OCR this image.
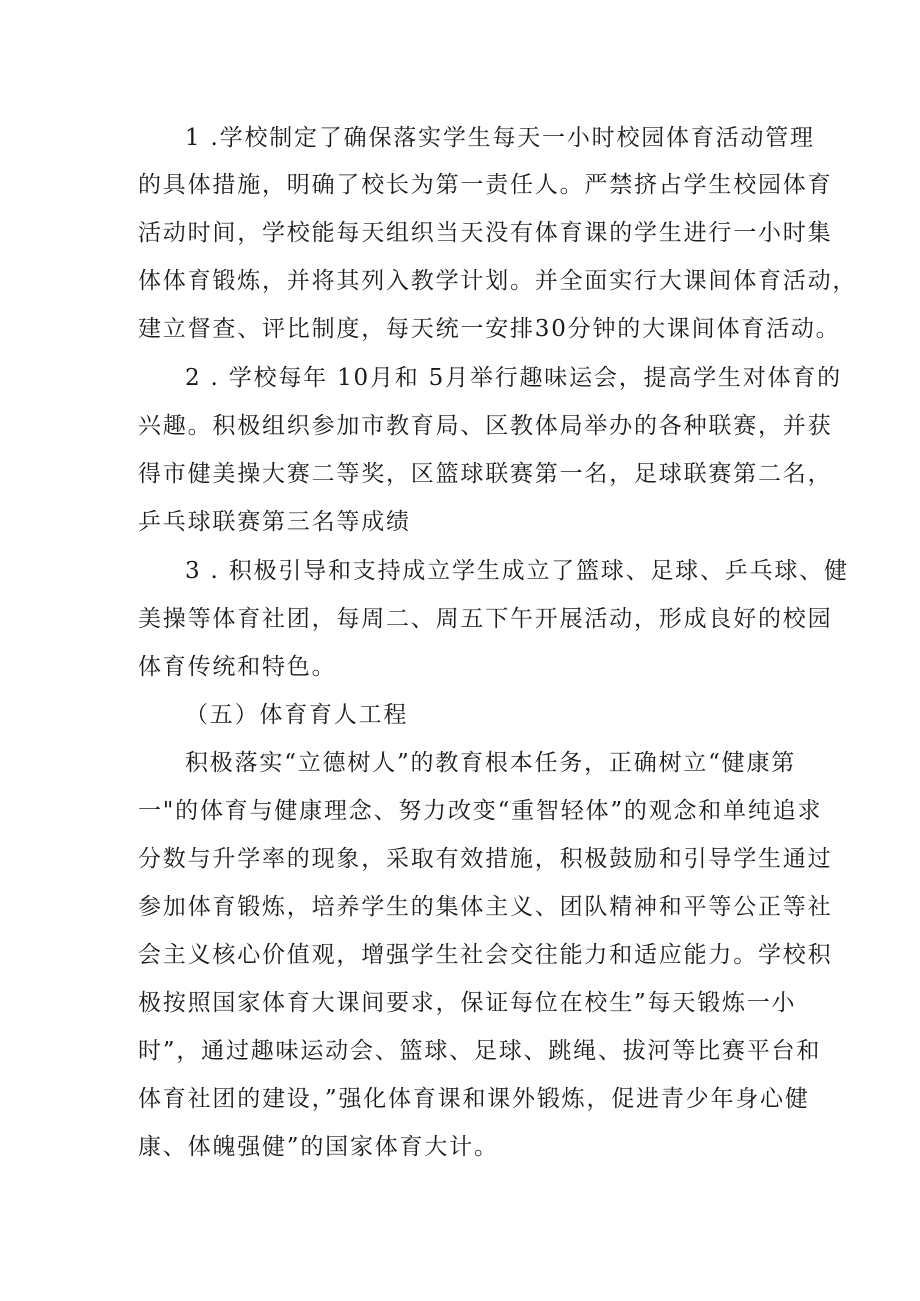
1 .学校制定了确保落实学生每天一小时校园体育活动管理

的具体措施，明确了校长为第一责任人。严禁挤占学生校园体育

活动时间，学校能每天组织当天没有体育课的学生进行一小时集

体体育锻炼，并将其列入教学计划。并全面实行大课间体育活动，

建立督查、评比制度，每天统一安排30分钟的大课间体育活动。

2 . 学校每年 10月和 5月举行趣味运会，提高学生对体育的

兴趣。积极组织参加市教育局、区教体局举办的各种联赛，并获

得市健美操大赛二等奖，区篮球联赛第一名，足球联赛第二名，

乒乓球联赛第三名等成绩

3 . 积极引导和支持成立学生成立了篮球、足球、乒乓球、健

美操等体育社团，每周二、周五下午开展活动，形成良好的校园

体育传统和特色。

（五）体育育人工程

积极落实“立德树人”的教育根本任务，正确树立“健康第

一"的体育与健康理念、努力改变“重智轻体”的观念和单纯追求

分数与升学率的现象，采取有效措施，积极鼓励和引导学生通过

参加体育锻炼，培养学生的集体主义、团队精神和平等公正等社

会主义核心价值观，增强学生社会交往能力和适应能力。学校积

极按照国家体育大课间要求，保证每位在校生”每天锻炼一小

时”，通过趣味运动会、篮球、足球、跳绳、拔河等比赛平台和

体育社团的建设，”强化体育课和课外锻炼，促进青少年身心健

康、体魄强健”的国家体育大计。
